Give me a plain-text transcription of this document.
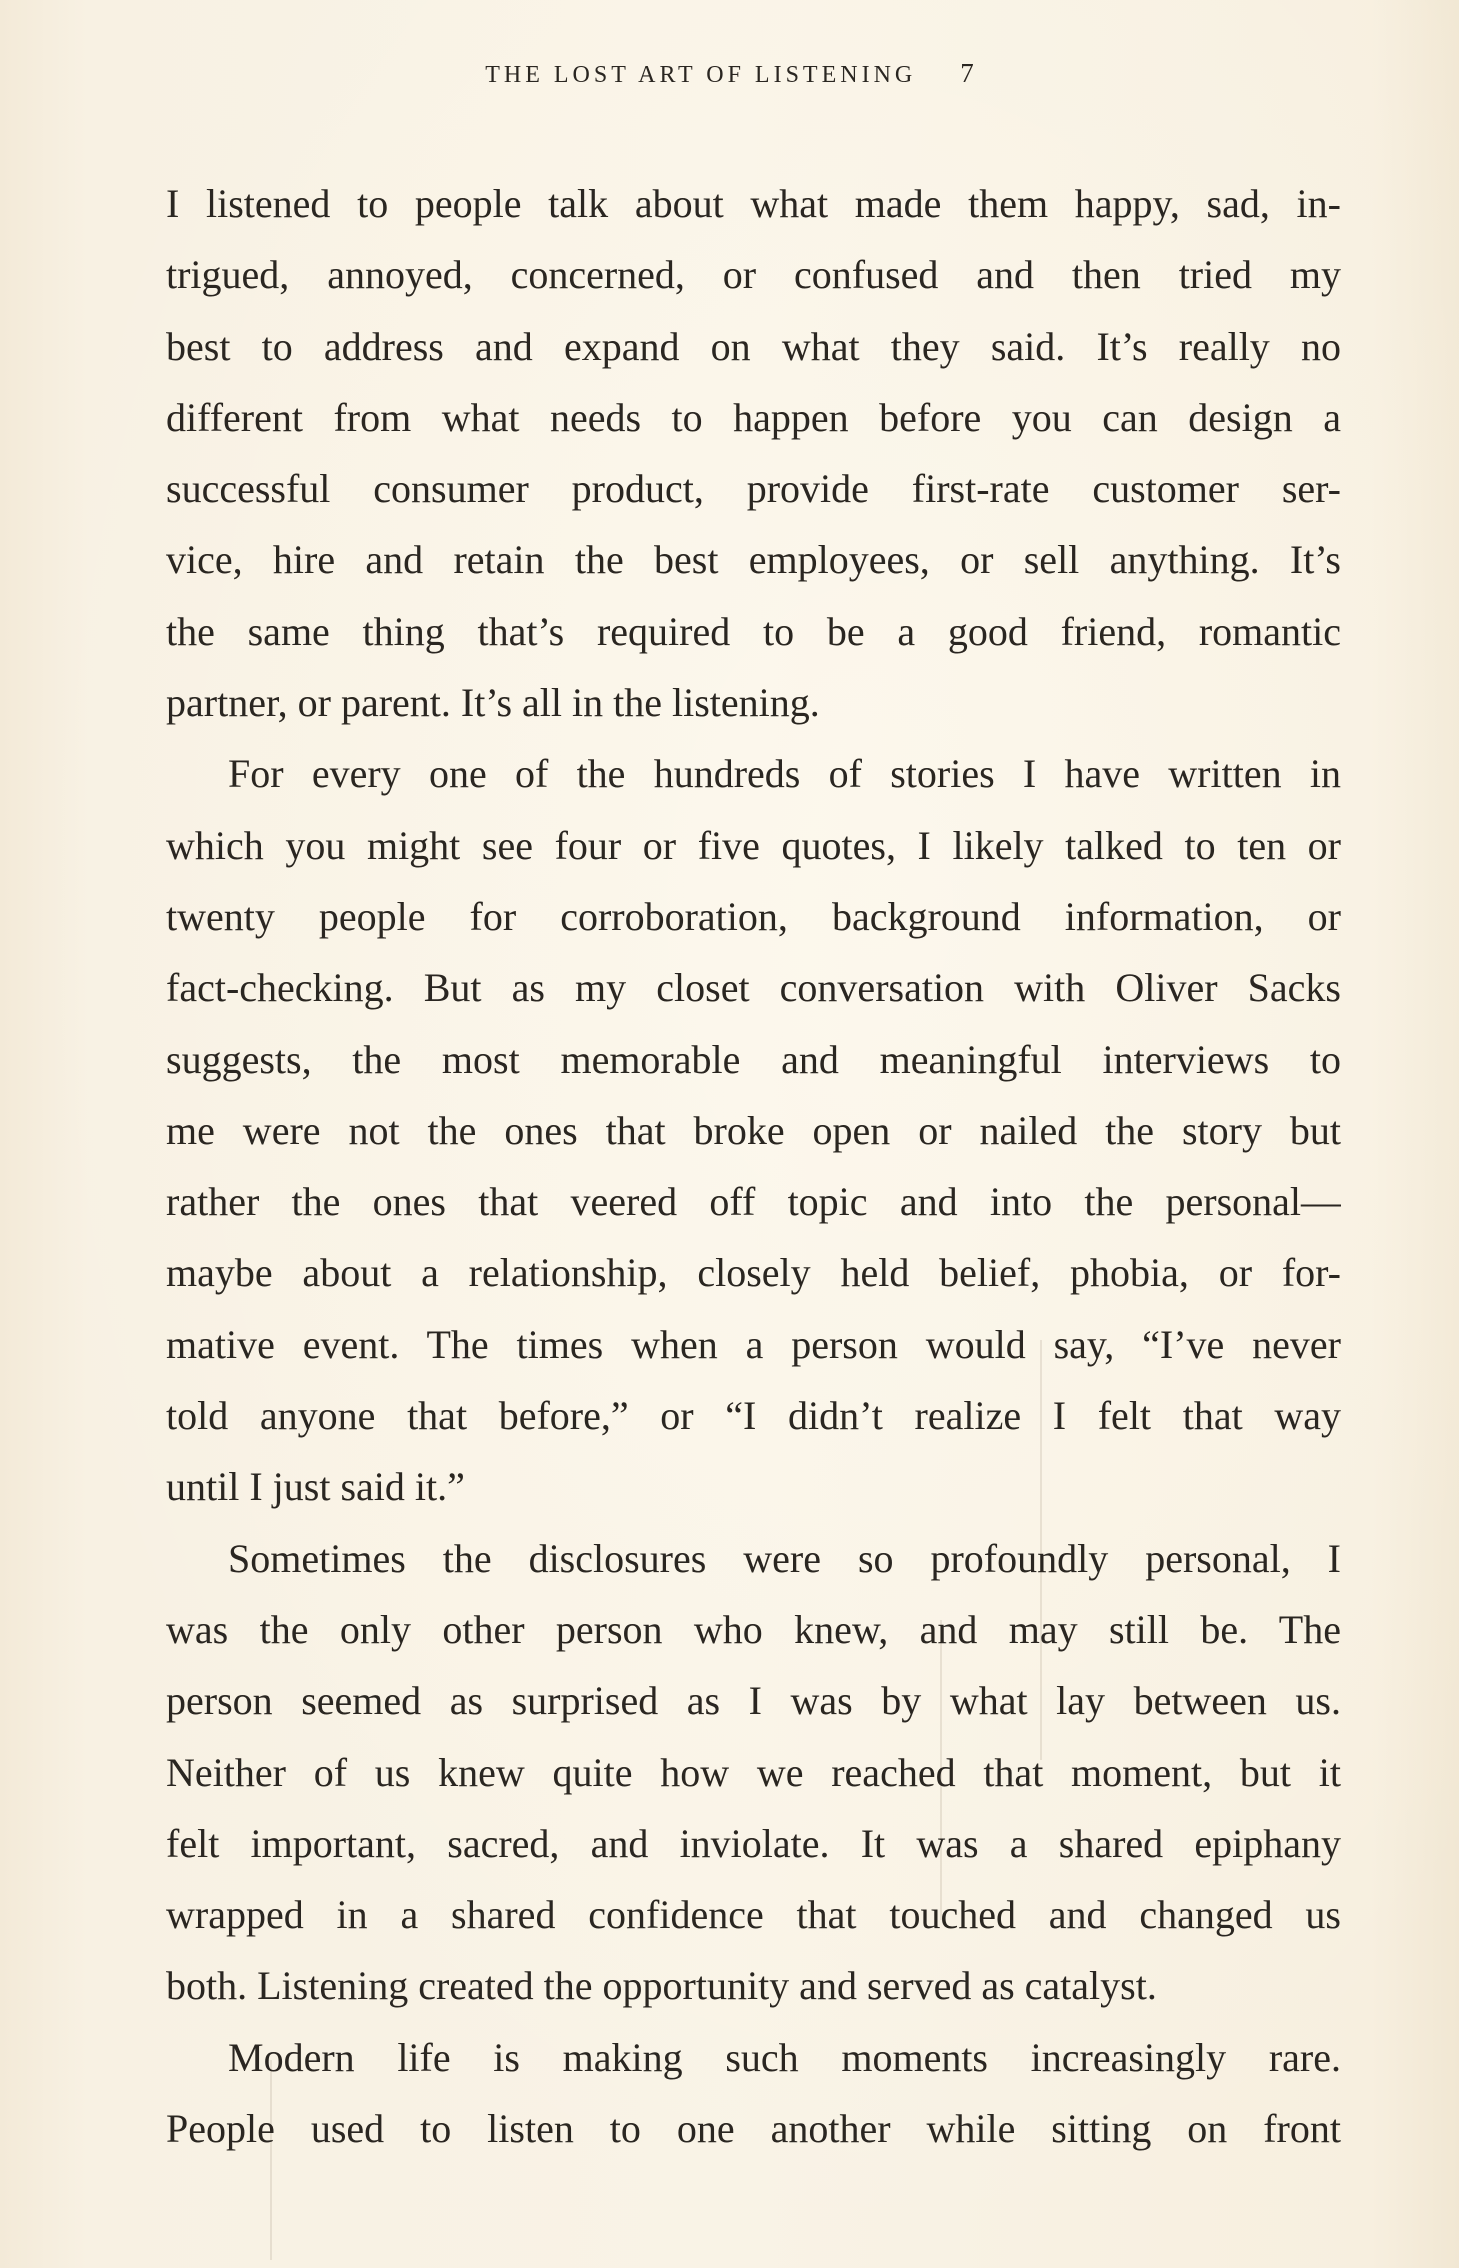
THE LOST ART OF LISTENING 7
I listened to people talk about what made them happy, sad, in-
trigued, annoyed, concerned, or confused and then tried my
best to address and expand on what they said. It’s really no
different from what needs to happen before you can design a
successful consumer product, provide first-rate customer ser-
vice, hire and retain the best employees, or sell anything. It’s
the same thing that’s required to be a good friend, romantic
partner, or parent. It’s all in the listening.
For every one of the hundreds of stories I have written in
which you might see four or five quotes, I likely talked to ten or
twenty people for corroboration, background information, or
fact-checking. But as my closet conversation with Oliver Sacks
suggests, the most memorable and meaningful interviews to
me were not the ones that broke open or nailed the story but
rather the ones that veered off topic and into the personal—
maybe about a relationship, closely held belief, phobia, or for-
mative event. The times when a person would say, “I’ve never
told anyone that before,” or “I didn’t realize I felt that way
until I just said it.”
Sometimes the disclosures were so profoundly personal, I
was the only other person who knew, and may still be. The
person seemed as surprised as I was by what lay between us.
Neither of us knew quite how we reached that moment, but it
felt important, sacred, and inviolate. It was a shared epiphany
wrapped in a shared confidence that touched and changed us
both. Listening created the opportunity and served as catalyst.
Modern life is making such moments increasingly rare.
People used to listen to one another while sitting on front
